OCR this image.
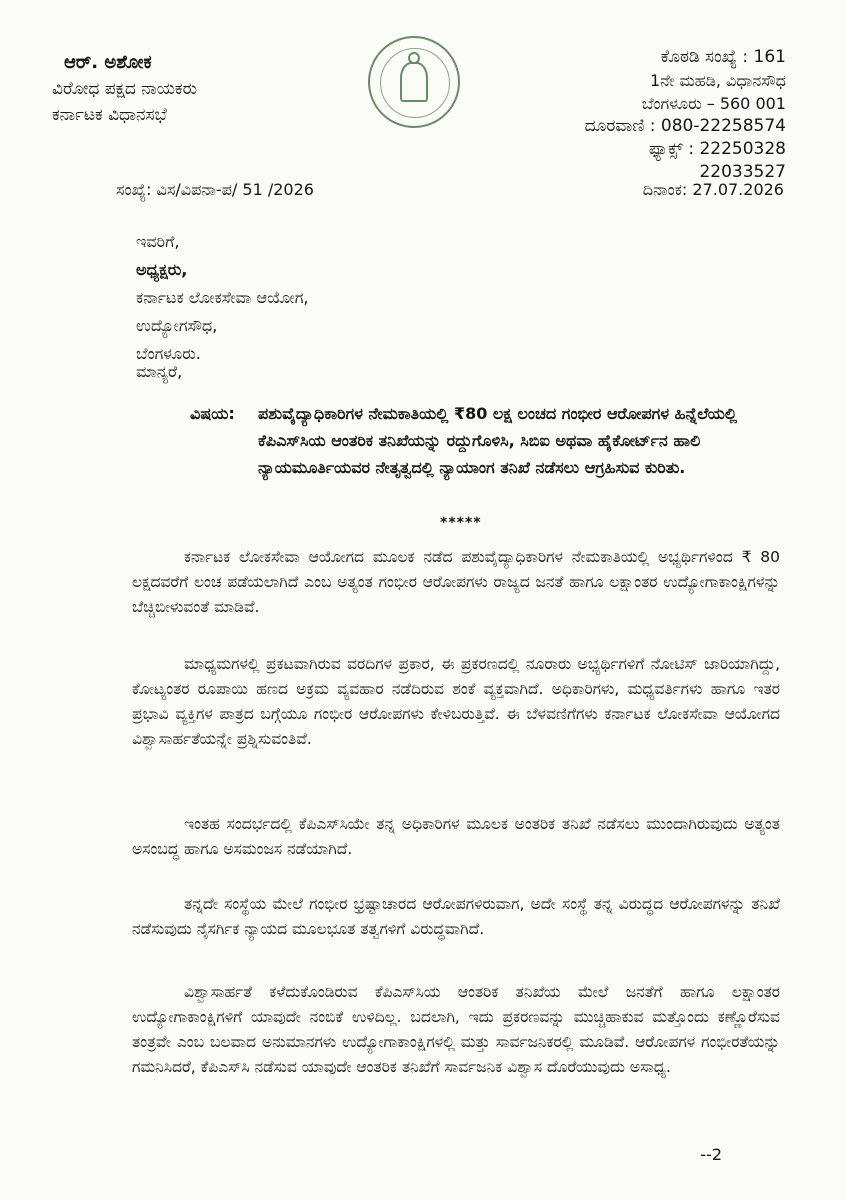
ಆರ್. ಅಶೋಕ
ವಿರೋಧ ಪಕ್ಷದ ನಾಯಕರು
ಕರ್ನಾಟಕ ವಿಧಾನಸಭೆ
ಕೊಠಡಿ ಸಂಖ್ಯೆ : 161
1ನೇ ಮಹಡಿ, ವಿಧಾನಸೌಧ
ಬೆಂಗಳೂರು – 560 001
ದೂರವಾಣಿ : 080-22258574
ಫ್ಯಾಕ್ಸ್ : 22250328
22033527
ಸಂಖ್ಯೆ: ವಿಸ/ವಿಪನಾ-ಪ/ 51 /2026	ದಿನಾಂಕ: 27.07.2026
ಇವರಿಗೆ,
ಅಧ್ಯಕ್ಷರು,
ಕರ್ನಾಟಕ ಲೋಕಸೇವಾ ಆಯೋಗ,
ಉದ್ಯೋಗಸೌಧ,
ಬೆಂಗಳೂರು.
ಮಾನ್ಯರೆ,
ವಿಷಯ:	ಪಶುವೈದ್ಯಾಧಿಕಾರಿಗಳ ನೇಮಕಾತಿಯಲ್ಲಿ ₹80 ಲಕ್ಷ ಲಂಚದ ಗಂಭೀರ ಆರೋಪಗಳ ಹಿನ್ನೆಲೆಯಲ್ಲಿ ಕೆಪಿಎಸ್‌ಸಿಯ ಆಂತರಿಕ ತನಿಖೆಯನ್ನು ರದ್ದುಗೊಳಿಸಿ, ಸಿಬಿಐ ಅಥವಾ ಹೈಕೋರ್ಟ್‌ನ ಹಾಲಿ ನ್ಯಾಯಮೂರ್ತಿಯವರ ನೇತೃತ್ವದಲ್ಲಿ ನ್ಯಾಯಾಂಗ ತನಿಖೆ ನಡೆಸಲು ಆಗ್ರಹಿಸುವ ಕುರಿತು.
*****
ಕರ್ನಾಟಕ ಲೋಕಸೇವಾ ಆಯೋಗದ ಮೂಲಕ ನಡೆದ ಪಶುವೈದ್ಯಾಧಿಕಾರಿಗಳ ನೇಮಕಾತಿಯಲ್ಲಿ ಅಭ್ಯರ್ಥಿಗಳಿಂದ ₹ 80 ಲಕ್ಷದವರೆಗೆ ಲಂಚ ಪಡೆಯಲಾಗಿದೆ ಎಂಬ ಅತ್ಯಂತ ಗಂಭೀರ ಆರೋಪಗಳು ರಾಜ್ಯದ ಜನತೆ ಹಾಗೂ ಲಕ್ಷಾಂತರ ಉದ್ಯೋಗಾಕಾಂಕ್ಷಿಗಳನ್ನು ಬೆಚ್ಚಿಬೀಳುವಂತೆ ಮಾಡಿವೆ.
ಮಾಧ್ಯಮಗಳಲ್ಲಿ ಪ್ರಕಟವಾಗಿರುವ ವರದಿಗಳ ಪ್ರಕಾರ, ಈ ಪ್ರಕರಣದಲ್ಲಿ ನೂರಾರು ಅಭ್ಯರ್ಥಿಗಳಿಗೆ ನೋಟಿಸ್ ಜಾರಿಯಾಗಿದ್ದು, ಕೋಟ್ಯಂತರ ರೂಪಾಯಿ ಹಣದ ಅಕ್ರಮ ವ್ಯವಹಾರ ನಡೆದಿರುವ ಶಂಕೆ ವ್ಯಕ್ತವಾಗಿದೆ. ಅಧಿಕಾರಿಗಳು, ಮಧ್ಯವರ್ತಿಗಳು ಹಾಗೂ ಇತರ ಪ್ರಭಾವಿ ವ್ಯಕ್ತಿಗಳ ಪಾತ್ರದ ಬಗ್ಗೆಯೂ ಗಂಭೀರ ಆರೋಪಗಳು ಕೇಳಿಬರುತ್ತಿವೆ. ಈ ಬೆಳವಣಿಗೆಗಳು ಕರ್ನಾಟಕ ಲೋಕಸೇವಾ ಆಯೋಗದ ವಿಶ್ವಾಸಾರ್ಹತೆಯನ್ನೇ ಪ್ರಶ್ನಿಸುವಂತಿವೆ.
ಇಂತಹ ಸಂದರ್ಭದಲ್ಲಿ ಕೆಪಿಎಸ್‌ಸಿಯೇ ತನ್ನ ಅಧಿಕಾರಿಗಳ ಮೂಲಕ ಅಂತರಿಕ ತನಿಖೆ ನಡೆಸಲು ಮುಂದಾಗಿರುವುದು ಅತ್ಯಂತ ಅಸಂಬದ್ಧ ಹಾಗೂ ಅಸಮಂಜಸ ನಡೆಯಾಗಿದೆ.
ತನ್ನದೇ ಸಂಸ್ಥೆಯ ಮೇಲೆ ಗಂಭೀರ ಭ್ರಷ್ಟಾಚಾರದ ಆರೋಪಗಳಿರುವಾಗ, ಅದೇ ಸಂಸ್ಥೆ ತನ್ನ ವಿರುದ್ಧದ ಆರೋಪಗಳನ್ನು ತನಿಖೆ ನಡೆಸುವುದು ನೈಸರ್ಗಿಕ ನ್ಯಾಯದ ಮೂಲಭೂತ ತತ್ವಗಳಿಗೆ ವಿರುದ್ಧವಾಗಿದೆ.
ವಿಶ್ವಾಸಾರ್ಹತೆ ಕಳೆದುಕೊಂಡಿರುವ ಕೆಪಿಎಸ್‌ಸಿಯ ಆಂತರಿಕ ತನಿಖೆಯ ಮೇಲೆ ಜನತೆಗೆ ಹಾಗೂ ಲಕ್ಷಾಂತರ ಉದ್ಯೋಗಾಕಾಂಕ್ಷಿಗಳಿಗೆ ಯಾವುದೇ ನಂಬಿಕೆ ಉಳಿದಿಲ್ಲ. ಬದಲಾಗಿ, ಇದು ಪ್ರಕರಣವನ್ನು ಮುಚ್ಚಿಹಾಕುವ ಮತ್ತೊಂದು ಕಣ್ಣೊರೆಸುವ ತಂತ್ರವೇ ಎಂಬ ಬಲವಾದ ಅನುಮಾನಗಳು ಉದ್ಯೋಗಾಕಾಂಕ್ಷಿಗಳಲ್ಲಿ ಮತ್ತು ಸಾರ್ವಜನಿಕರಲ್ಲಿ ಮೂಡಿವೆ. ಆರೋಪಗಳ ಗಂಭೀರತೆಯನ್ನು ಗಮನಿಸಿದರೆ, ಕೆಪಿಎಸ್‌ಸಿ ನಡೆಸುವ ಯಾವುದೇ ಆಂತರಿಕ ತನಿಖೆಗೆ ಸಾರ್ವಜನಿಕ ವಿಶ್ವಾಸ ದೊರೆಯುವುದು ಅಸಾಧ್ಯ.
--2
